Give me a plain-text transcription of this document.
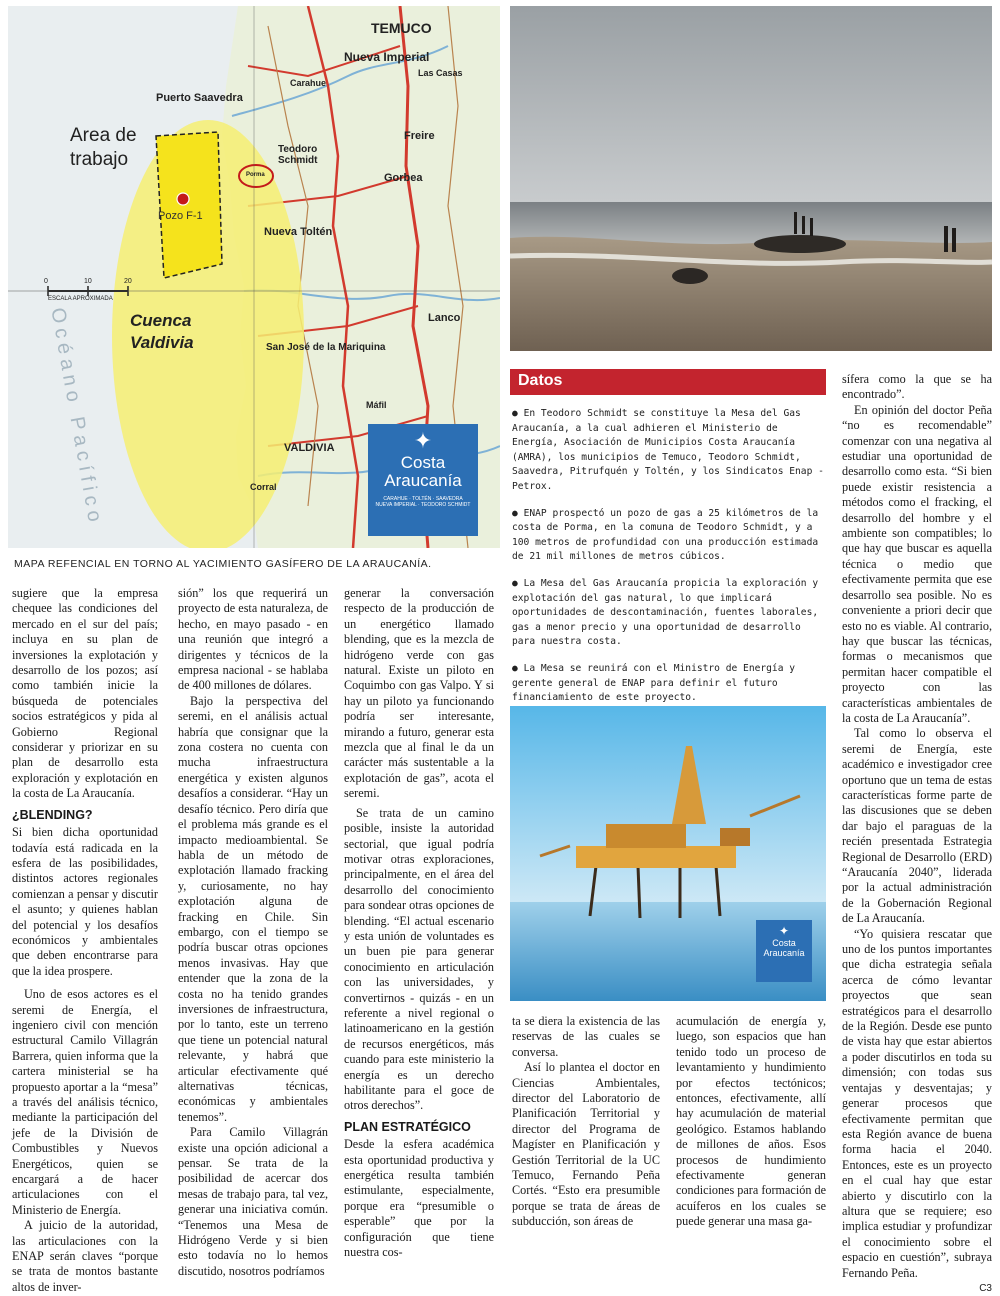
Océano Pacífico
TEMUCO
Nueva Imperial
Las Casas
Carahue
Puerto Saavedra
Teodoro Schmidt
Freire
Gorbea
Porma
Nueva Toltén
Lanco
San José de la Mariquina
Máfil
VALDIVIA
Corral
Area de trabajo
Pozo F-1
Cuenca Valdivia
ESCALA APROXIMADA
0	10	20
✦
Costa
Araucanía
CARAHUE · TOLTÉN · SAAVEDRA
NUEVA IMPERIAL · TEODORO SCHMIDT
MAPA REFENCIAL EN TORNO AL YACIMIENTO GASÍFERO DE LA ARAUCANÍA.
Datos
● En Teodoro Schmidt se constituye la Mesa del Gas Araucanía, a la cual adhieren el Ministerio de Energía, Asociación de Municipios Costa Araucanía (AMRA), los municipios de Temuco, Teodoro Schmidt, Saavedra, Pitrufquén y Toltén, y los Sindicatos Enap - Petrox.
● ENAP prospectó un pozo de gas a 25 kilómetros de la costa de Porma, en la comuna de Teodoro Schmidt, y a 100 metros de profundidad con una producción estimada de 21 mil millones de metros cúbicos.
● La Mesa del Gas Araucanía propicia la exploración y explotación del gas natural, lo que implicará oportunidades de descontaminación, fuentes laborales, gas a menor precio y una oportunidad de desarrollo para nuestra costa.
● La Mesa se reunirá con el Ministro de Energía y gerente general de ENAP para definir el futuro financiamiento de este proyecto.
✦
Costa
Araucanía

sugiere que la empresa chequee las condiciones del mercado en el sur del país; incluya en su plan de inversiones la explotación y desarrollo de los pozos; así como también inicie la búsqueda de potenciales socios estratégicos y pida al Gobierno Regional considerar y priorizar en su plan de desarrollo esta exploración y explotación en la costa de La Araucanía.

¿BLENDING?

Si bien dicha oportunidad todavía está radicada en la esfera de las posibilidades, distintos actores regionales comienzan a pensar y discutir el asunto; y quienes hablan del potencial y los desafíos económicos y ambientales que deben encontrarse para que la idea prospere.

Uno de esos actores es el seremi de Energía, el ingeniero civil con mención estructural Camilo Villagrán Barrera, quien informa que la cartera ministerial se ha propuesto aportar a la “mesa” a través del análisis técnico, mediante la participación del jefe de la División de Combustibles y Nuevos Energéticos, quien se encargará a de hacer articulaciones con el Ministerio de Energía.

A juicio de la autoridad, las articulaciones con la ENAP serán claves “porque se trata de montos bastante altos de inver-

sión” los que requerirá un proyecto de esta naturaleza, de hecho, en mayo pasado - en una reunión que integró a dirigentes y técnicos de la empresa nacional - se hablaba de 400 millones de dólares.

Bajo la perspectiva del seremi, en el análisis actual habría que consignar que la zona costera no cuenta con mucha infraestructura energética y existen algunos desafíos a considerar. “Hay un desafío técnico. Pero diría que el problema más grande es el impacto medioambiental. Se habla de un método de explotación llamado fracking y, curiosamente, no hay explotación alguna de fracking en Chile. Sin embargo, con el tiempo se podría buscar otras opciones menos invasivas. Hay que entender que la zona de la costa no ha tenido grandes inversiones de infraestructura, por lo tanto, este un terreno que tiene un potencial natural relevante, y habrá que articular efectivamente qué alternativas técnicas, económicas y ambientales tenemos”.

Para Camilo Villagrán existe una opción adicional a pensar. Se trata de la posibilidad de acercar dos mesas de trabajo para, tal vez, generar una iniciativa común. “Tenemos una Mesa de Hidrógeno Verde y si bien esto todavía no lo hemos discutido, nosotros podríamos

generar la conversación respecto de la producción de un energético llamado blending, que es la mezcla de hidrógeno verde con gas natural. Existe un piloto en Coquimbo con gas Valpo. Y si hay un piloto ya funcionando podría ser interesante, mirando a futuro, generar esta mezcla que al final le da un carácter más sustentable a la explotación de gas”, acota el seremi.

Se trata de un camino posible, insiste la autoridad sectorial, que igual podría motivar otras exploraciones, principalmente, en el área del desarrollo del conocimiento para sondear otras opciones de blending. “El actual escenario y esta unión de voluntades es un buen pie para generar conocimiento en articulación con las universidades, y convertirnos - quizás - en un referente a nivel regional o latinoamericano en la gestión de recursos energéticos, más cuando para este ministerio la energía es un derecho habilitante para el goce de otros derechos”.

PLAN ESTRATÉGICO

Desde la esfera académica esta oportunidad productiva y energética resulta también estimulante, especialmente, porque era “presumible o esperable” que por la configuración que tiene nuestra cos-

ta se diera la existencia de las reservas de las cuales se conversa.

Así lo plantea el doctor en Ciencias Ambientales, director del Laboratorio de Planificación Territorial y director del Programa de Magíster en Planificación y Gestión Territorial de la UC Temuco, Fernando Peña Cortés. “Esto era presumible porque se trata de áreas de subducción, son áreas de

acumulación de energía y, luego, son espacios que han tenido todo un proceso de levantamiento y hundimiento por efectos tectónicos; entonces, efectivamente, allí hay acumulación de material geológico. Estamos hablando de millones de años. Esos procesos de hundimiento efectivamente generan condiciones para formación de acuíferos en los cuales se puede generar una masa ga-

sífera como la que se ha encontrado”.

En opinión del doctor Peña “no es recomendable” comenzar con una negativa al estudiar una oportunidad de desarrollo como esta. “Si bien puede existir resistencia a métodos como el fracking, el desarrollo del hombre y el ambiente son compatibles; lo que hay que buscar es aquella técnica o medio que efectivamente permita que ese desarrollo sea posible. No es conveniente a priori decir que esto no es viable. Al contrario, hay que buscar las técnicas, formas o mecanismos que permitan hacer compatible el proyecto con las características ambientales de la costa de La Araucanía”.

Tal como lo observa el seremi de Energía, este académico e investigador cree oportuno que un tema de estas características forme parte de las discusiones que se deben dar bajo el paraguas de la recién presentada Estrategia Regional de Desarrollo (ERD) “Araucanía 2040”, liderada por la actual administración de la Gobernación Regional de La Araucanía.

“Yo quisiera rescatar que uno de los puntos importantes que dicha estrategia señala acerca de cómo levantar proyectos que sean estratégicos para el desarrollo de la Región. Desde ese punto de vista hay que estar abiertos a poder discutirlos en toda su dimensión; con todas sus ventajas y desventajas; y generar procesos que efectivamente permitan que esta Región avance de buena forma hacia el 2040. Entonces, este es un proyecto en el cual hay que estar abierto y discutirlo con la altura que se requiere; eso implica estudiar y profundizar el conocimiento sobre el espacio en cuestión”, subraya Fernando Peña.

C3
